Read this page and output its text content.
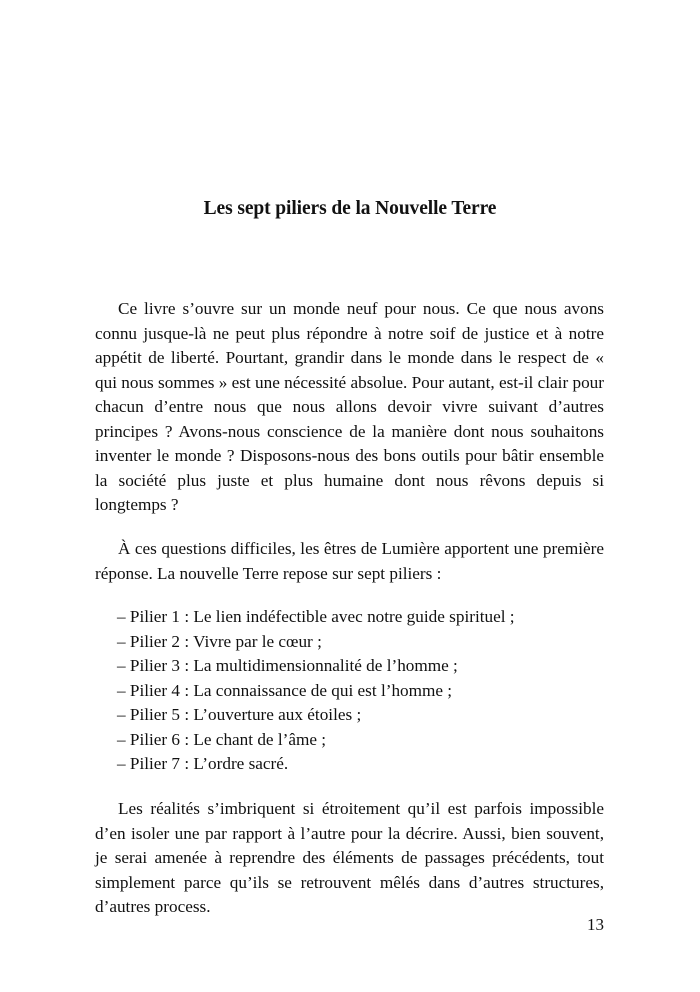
Les sept piliers de la Nouvelle Terre

Ce livre s’ouvre sur un monde neuf pour nous. Ce que nous avons connu jusque-là ne peut plus répondre à notre soif de justice et à notre appétit de liberté. Pourtant, grandir dans le monde dans le respect de « qui nous sommes » est une nécessité absolue. Pour autant, est-il clair pour chacun d’entre nous que nous allons devoir vivre suivant d’autres principes ? Avons-nous conscience de la manière dont nous souhaitons inventer le monde ? Disposons-nous des bons outils pour bâtir ensemble la société plus juste et plus humaine dont nous rêvons depuis si longtemps ?

À ces questions difficiles, les êtres de Lumière apportent une première réponse. La nouvelle Terre repose sur sept piliers :

– Pilier 1 : Le lien indéfectible avec notre guide spirituel ;
– Pilier 2 : Vivre par le cœur ;
– Pilier 3 : La multidimensionnalité de l’homme ;
– Pilier 4 : La connaissance de qui est l’homme ;
– Pilier 5 : L’ouverture aux étoiles ;
– Pilier 6 : Le chant de l’âme ;
– Pilier 7 : L’ordre sacré.

Les réalités s’imbriquent si étroitement qu’il est parfois impossible d’en isoler une par rapport à l’autre pour la décrire. Aussi, bien souvent, je serai amenée à reprendre des éléments de passages précédents, tout simplement parce qu’ils se retrouvent mêlés dans d’autres structures, d’autres process.

13
